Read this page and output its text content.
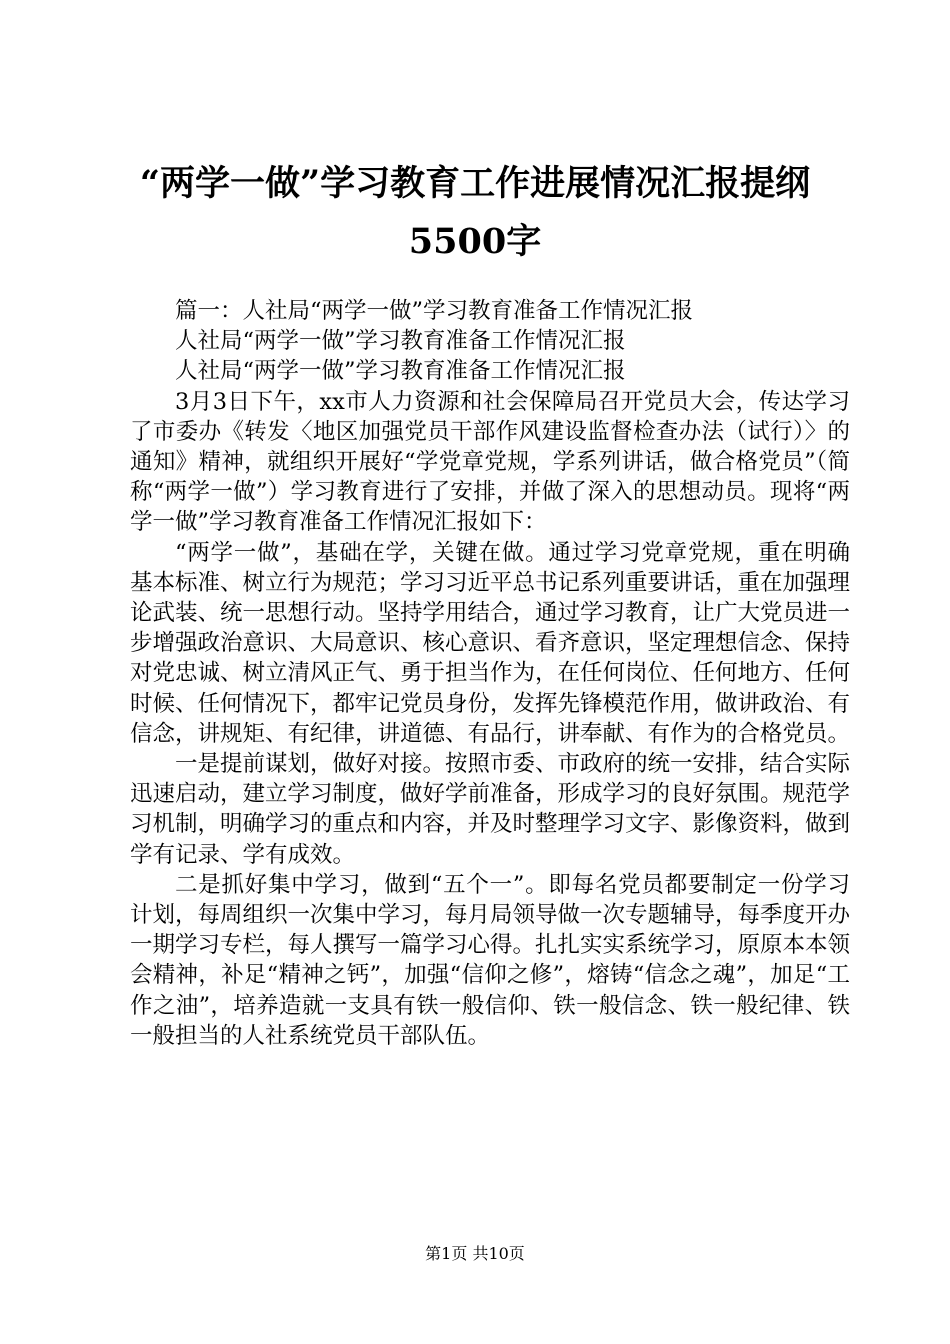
“两学一做”学习教育工作进展情况汇报提纲
5500字

篇一：人社局“两学一做”学习教育准备工作情况汇报

人社局“两学一做”学习教育准备工作情况汇报

人社局“两学一做”学习教育准备工作情况汇报

3月3日下午，xx市人力资源和社会保障局召开党员大会，传达学习了市委办《转发〈地区加强党员干部作风建设监督检查办法（试行）〉的通知》精神，就组织开展好“学党章党规，学系列讲话，做合格党员”（简称“两学一做”）学习教育进行了安排，并做了深入的思想动员。现将“两学一做”学习教育准备工作情况汇报如下：

“两学一做”，基础在学，关键在做。通过学习党章党规，重在明确基本标准、树立行为规范；学习习近平总书记系列重要讲话，重在加强理论武装、统一思想行动。坚持学用结合，通过学习教育，让广大党员进一步增强政治意识、大局意识、核心意识、看齐意识，坚定理想信念、保持对党忠诚、树立清风正气、勇于担当作为，在任何岗位、任何地方、任何时候、任何情况下，都牢记党员身份，发挥先锋模范作用，做讲政治、有信念，讲规矩、有纪律，讲道德、有品行，讲奉献、有作为的合格党员。

一是提前谋划，做好对接。按照市委、市政府的统一安排，结合实际迅速启动，建立学习制度，做好学前准备，形成学习的良好氛围。规范学习机制，明确学习的重点和内容，并及时整理学习文字、影像资料，做到学有记录、学有成效。

二是抓好集中学习，做到“五个一”。即每名党员都要制定一份学习计划，每周组织一次集中学习，每月局领导做一次专题辅导，每季度开办一期学习专栏，每人撰写一篇学习心得。扎扎实实系统学习，原原本本领会精神，补足“精神之钙”，加强“信仰之修”，熔铸“信念之魂”，加足“工作之油”，培养造就一支具有铁一般信仰、铁一般信念、铁一般纪律、铁一般担当的人社系统党员干部队伍。

第1页 共10页
